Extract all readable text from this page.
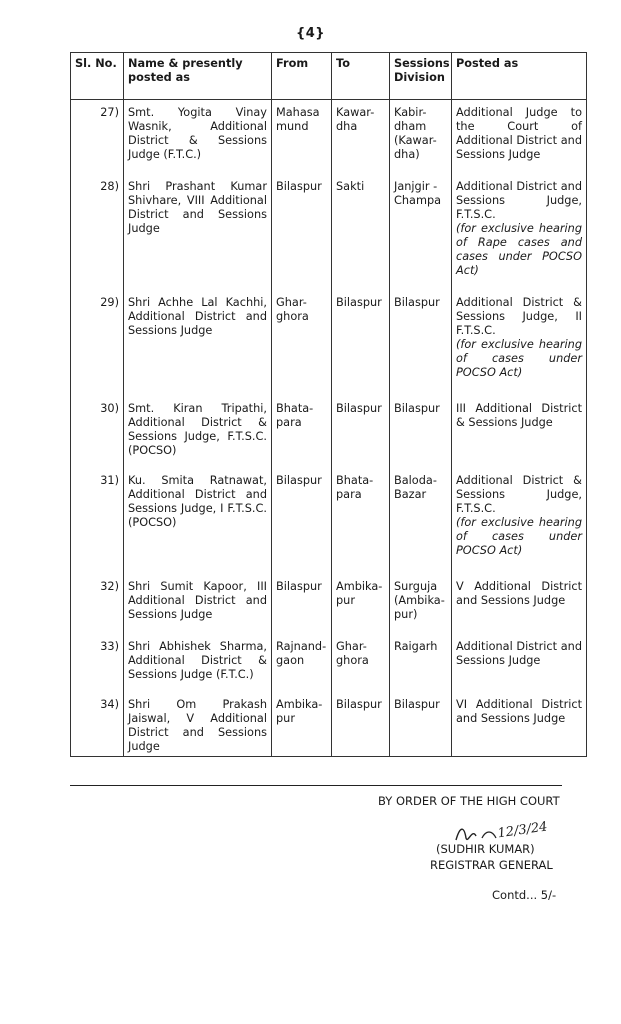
{4}
Sl. No.	Name & presently posted as	From	To	Sessions Division	Posted as
27)	Smt. Yogita Vinay Wasnik, Additional District & Sessions Judge (F.T.C.)	Mahasa mund	Kawar-dha	Kabir-dham (Kawar-dha)	Additional Judge to the Court of Additional District and Sessions Judge
28)	Shri Prashant Kumar Shivhare, VIII Additional District and Sessions Judge	Bilaspur	Sakti	Janjgir - Champa	Additional District and Sessions Judge, F.T.S.C.
(for exclusive hearing of Rape cases and cases under POCSO Act)

29)	Shri Achhe Lal Kachhi, Additional District and Sessions Judge	Ghar-ghora	Bilaspur	Bilaspur	Additional District & Sessions Judge, II F.T.S.C.
(for exclusive hearing of cases under POCSO Act)

30)	Smt. Kiran Tripathi, Additional District & Sessions Judge, F.T.S.C. (POCSO)	Bhata-para	Bilaspur	Bilaspur	III Additional District & Sessions Judge
31)	Ku. Smita Ratnawat, Additional District and Sessions Judge, I F.T.S.C. (POCSO)	Bilaspur	Bhata-para	Baloda-Bazar	Additional District & Sessions Judge, F.T.S.C.
(for exclusive hearing of cases under POCSO Act)

32)	Shri Sumit Kapoor, III Additional District and Sessions Judge	Bilaspur	Ambika-pur	Surguja (Ambika-pur)	V Additional District and Sessions Judge
33)	Shri Abhishek Sharma, Additional District & Sessions Judge (F.T.C.)	Rajnand-gaon	Ghar-ghora	Raigarh	Additional District and Sessions Judge
34)	Shri Om Prakash Jaiswal, V Additional District and Sessions Judge	Ambika-pur	Bilaspur	Bilaspur	VI Additional District and Sessions Judge
BY ORDER OF THE HIGH COURT
12/3/24
(SUDHIR KUMAR)
REGISTRAR GENERAL
Contd... 5/-
